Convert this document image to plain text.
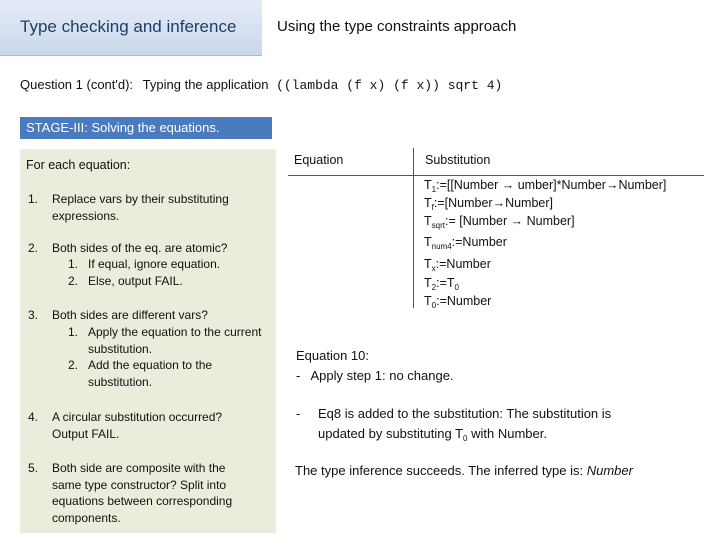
Type checking and inference	Using the type constraints approach
Question 1 (cont'd): Typing the application ((lambda (f x) (f x)) sqrt 4)
STAGE-III: Solving the equations.
For each equation:
1. Replace vars by their substituting expressions.
2. Both sides of the eq. are atomic?
1. If equal, ignore equation.
2. Else, output FAIL.
3. Both sides are different vars?
1. Apply the equation to the current substitution.
2. Add the equation to the substitution.
4. A circular substitution occurred? Output FAIL.
5. Both side are composite with the same type constructor? Split into equations between corresponding components.
Equation	Substitution
$T_1:=[[Number$ → umber]*Number→Number]
$T_f:=[Number\to Number]$
$T_{sqrt}:=$ [Number → Number]
$T_{num4}:=Number$
$T_x:=Number$
$T_2:=T_0$
$T_0:=Number$
Equation 10:
-   Apply step 1: no change.
- Eq8 is added to the substitution: The substitution is
updated by substituting $T_0$ with Number.
The type inference succeeds. The inferred type is: Number
